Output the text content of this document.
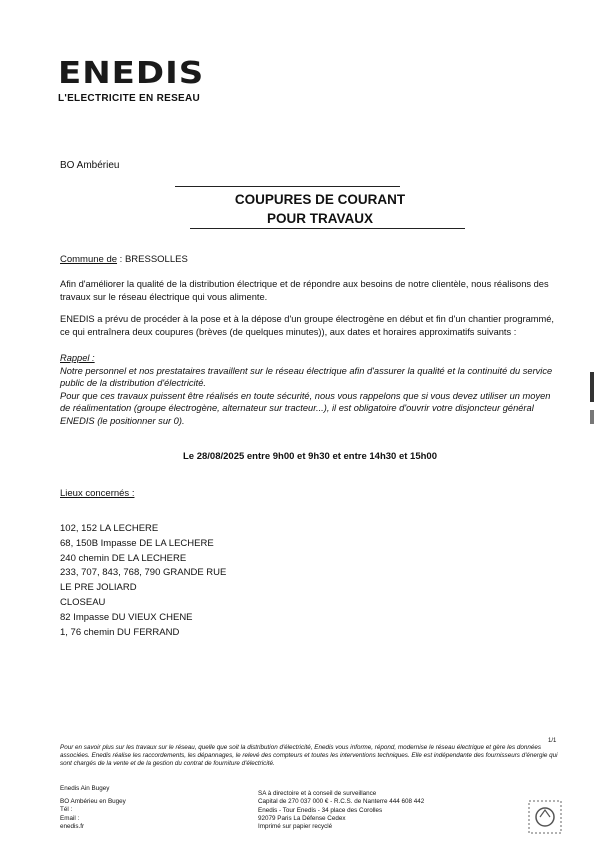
ENEDIS
L'ELECTRICITE EN RESEAU
BO Ambérieu
COUPURES DE COURANT
POUR TRAVAUX
Commune de : BRESSOLLES
Afin d'améliorer la qualité de la distribution électrique et de répondre aux besoins de notre clientèle, nous réalisons des travaux sur le réseau électrique qui vous alimente.
ENEDIS a prévu de procéder à la pose et à la dépose d'un groupe électrogène en début et fin d'un chantier programmé, ce qui entraînera deux coupures (brèves (de quelques minutes)), aux dates et horaires approximatifs suivants :
Rappel :
Notre personnel et nos prestataires travaillent sur le réseau électrique afin d'assurer la qualité et la continuité du service public de la distribution d'électricité.
Pour que ces travaux puissent être réalisés en toute sécurité, nous vous rappelons que si vous devez utiliser un moyen de réalimentation (groupe électrogène, alternateur sur tracteur...), il est obligatoire d'ouvrir votre disjoncteur général ENEDIS (le positionner sur 0).
Le 28/08/2025 entre 9h00 et 9h30 et entre 14h30 et 15h00
Lieux concernés :
102, 152 LA LECHERE
68, 150B Impasse DE LA LECHERE
240 chemin DE LA LECHERE
233, 707, 843, 768, 790 GRANDE RUE
LE PRE JOLIARD
CLOSEAU
82 Impasse DU VIEUX CHENE
1, 76 chemin DU FERRAND
1/1
Pour en savoir plus sur les travaux sur le réseau, quelle que soit la distribution d'électricité, Enedis vous informe, répond, modernise le réseau électrique et gère les données associées. Enedis réalise les raccordements, les dépannages, le relevé des compteurs et toutes les interventions techniques. Elle est indépendante des fournisseurs d'énergie qui sont chargés de la vente et de la gestion du contrat de fourniture d'électricité.
Enedis Ain Bugey
BO Ambérieu en Bugey
Tél :
Email :
enedis.fr
SA à directoire et à conseil de surveillance
Capital de 270 037 000 € - R.C.S. de Nanterre 444 608 442
Enedis - Tour Enedis - 34 place des Corolles
92079 Paris La Défense Cedex
Imprimé sur papier recyclé
